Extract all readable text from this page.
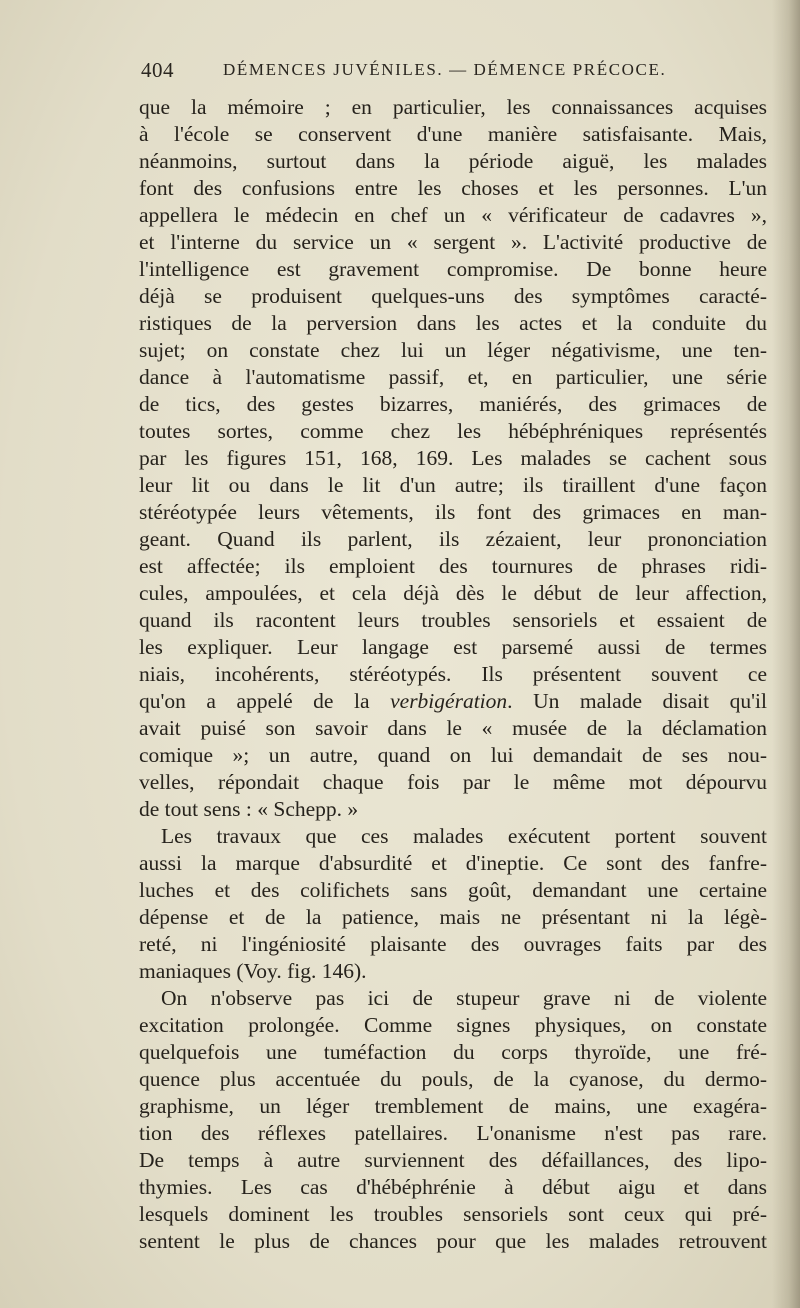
404	DÉMENCES JUVÉNILES. — DÉMENCE PRÉCOCE.
que la mémoire ; en particulier, les connaissances acquises
à l'école se conservent d'une manière satisfaisante. Mais,
néanmoins, surtout dans la période aiguë, les malades
font des confusions entre les choses et les personnes. L'un
appellera le médecin en chef un « vérificateur de cadavres »,
et l'interne du service un « sergent ». L'activité productive de
l'intelligence est gravement compromise. De bonne heure
déjà se produisent quelques-uns des symptômes caracté-
ristiques de la perversion dans les actes et la conduite du
sujet; on constate chez lui un léger négativisme, une ten-
dance à l'automatisme passif, et, en particulier, une série
de tics, des gestes bizarres, maniérés, des grimaces de
toutes sortes, comme chez les hébéphréniques représentés
par les figures 151, 168, 169. Les malades se cachent sous
leur lit ou dans le lit d'un autre; ils tiraillent d'une façon
stéréotypée leurs vêtements, ils font des grimaces en man-
geant. Quand ils parlent, ils zézaient, leur prononciation
est affectée; ils emploient des tournures de phrases ridi-
cules, ampoulées, et cela déjà dès le début de leur affection,
quand ils racontent leurs troubles sensoriels et essaient de
les expliquer. Leur langage est parsemé aussi de termes
niais, incohérents, stéréotypés. Ils présentent souvent ce
qu'on a appelé de la verbigération. Un malade disait qu'il
avait puisé son savoir dans le « musée de la déclamation
comique »; un autre, quand on lui demandait de ses nou-
velles, répondait chaque fois par le même mot dépourvu
de tout sens : « Schepp. »
Les travaux que ces malades exécutent portent souvent
aussi la marque d'absurdité et d'ineptie. Ce sont des fanfre-
luches et des colifichets sans goût, demandant une certaine
dépense et de la patience, mais ne présentant ni la légè-
reté, ni l'ingéniosité plaisante des ouvrages faits par des
maniaques (Voy. fig. 146).
On n'observe pas ici de stupeur grave ni de violente
excitation prolongée. Comme signes physiques, on constate
quelquefois une tuméfaction du corps thyroïde, une fré-
quence plus accentuée du pouls, de la cyanose, du dermo-
graphisme, un léger tremblement de mains, une exagéra-
tion des réflexes patellaires. L'onanisme n'est pas rare.
De temps à autre surviennent des défaillances, des lipo-
thymies. Les cas d'hébéphrénie à début aigu et dans
lesquels dominent les troubles sensoriels sont ceux qui pré-
sentent le plus de chances pour que les malades retrouvent
